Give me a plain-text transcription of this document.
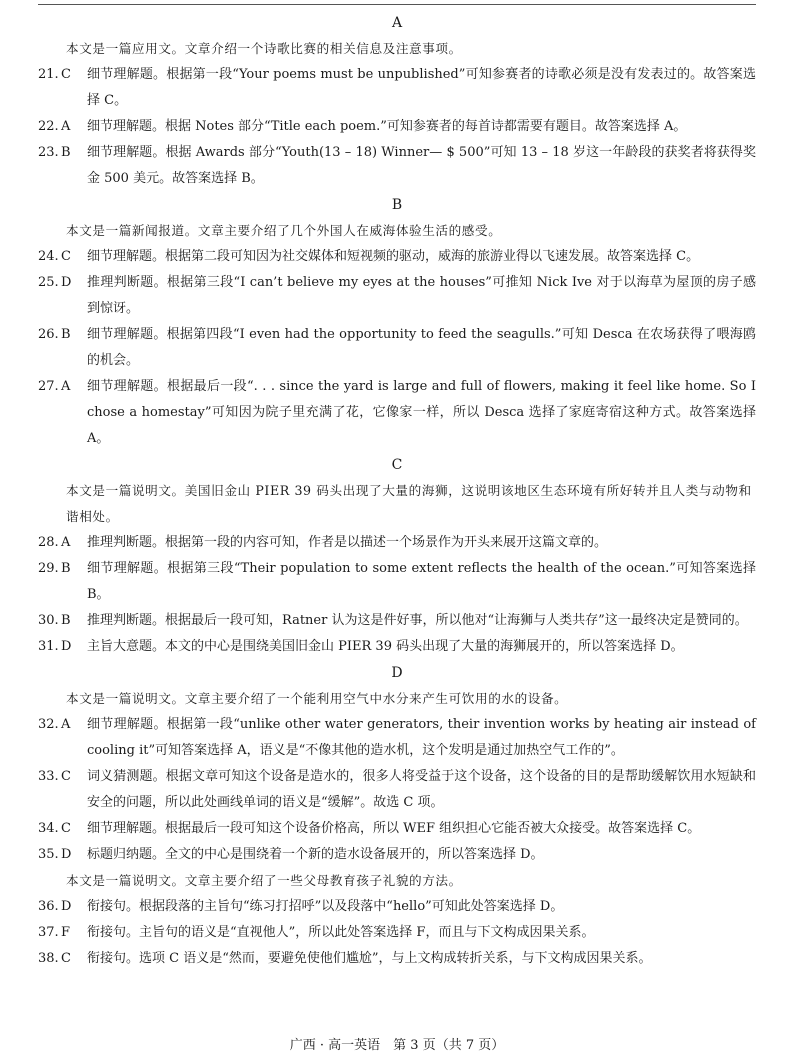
A
本文是一篇应用文。文章介绍一个诗歌比赛的相关信息及注意事项。
21. C	细节理解题。根据第一段“Your poems must be unpublished”可知参赛者的诗歌必须是没有发表过的。故答案选择 C。
22. A	细节理解题。根据 Notes 部分“Title each poem.”可知参赛者的每首诗都需要有题目。故答案选择 A。
23. B	细节理解题。根据 Awards 部分“Youth(13 – 18) Winner— $ 500”可知 13 – 18 岁这一年龄段的获奖者将获得奖金 500 美元。故答案选择 B。
B
本文是一篇新闻报道。文章主要介绍了几个外国人在威海体验生活的感受。
24. C	细节理解题。根据第二段可知因为社交媒体和短视频的驱动，威海的旅游业得以飞速发展。故答案选择 C。
25. D	推理判断题。根据第三段“I can’t believe my eyes at the houses”可推知 Nick Ive 对于以海草为屋顶的房子感到惊讶。
26. B	细节理解题。根据第四段“I even had the opportunity to feed the seagulls.”可知 Desca 在农场获得了喂海鸥的机会。
27. A	细节理解题。根据最后一段“. . . since the yard is large and full of flowers, making it feel like home. So I chose a homestay”可知因为院子里充满了花，它像家一样，所以 Desca 选择了家庭寄宿这种方式。故答案选择 A。
C
本文是一篇说明文。美国旧金山 PIER 39 码头出现了大量的海狮，这说明该地区生态环境有所好转并且人类与动物和谐相处。
28. A	推理判断题。根据第一段的内容可知，作者是以描述一个场景作为开头来展开这篇文章的。
29. B	细节理解题。根据第三段“Their population to some extent reflects the health of the ocean.”可知答案选择 B。
30. B	推理判断题。根据最后一段可知，Ratner 认为这是件好事，所以他对“让海狮与人类共存”这一最终决定是赞同的。
31. D	主旨大意题。本文的中心是围绕美国旧金山 PIER 39 码头出现了大量的海狮展开的，所以答案选择 D。
D
本文是一篇说明文。文章主要介绍了一个能利用空气中水分来产生可饮用的水的设备。
32. A	细节理解题。根据第一段“unlike other water generators, their invention works by heating air instead of cooling it”可知答案选择 A，语义是“不像其他的造水机，这个发明是通过加热空气工作的”。
33. C	词义猜测题。根据文章可知这个设备是造水的，很多人将受益于这个设备，这个设备的目的是帮助缓解饮用水短缺和安全的问题，所以此处画线单词的语义是“缓解”。故选 C 项。
34. C	细节理解题。根据最后一段可知这个设备价格高，所以 WEF 组织担心它能否被大众接受。故答案选择 C。
35. D	标题归纳题。全文的中心是围绕着一个新的造水设备展开的，所以答案选择 D。
本文是一篇说明文。文章主要介绍了一些父母教育孩子礼貌的方法。
36. D	衔接句。根据段落的主旨句“练习打招呼”以及段落中“hello”可知此处答案选择 D。
37. F	衔接句。主旨句的语义是“直视他人”，所以此处答案选择 F，而且与下文构成因果关系。
38. C	衔接句。选项 C 语义是“然而，要避免使他们尴尬”，与上文构成转折关系，与下文构成因果关系。
广西 · 高一英语　第 3 页（共 7 页）
